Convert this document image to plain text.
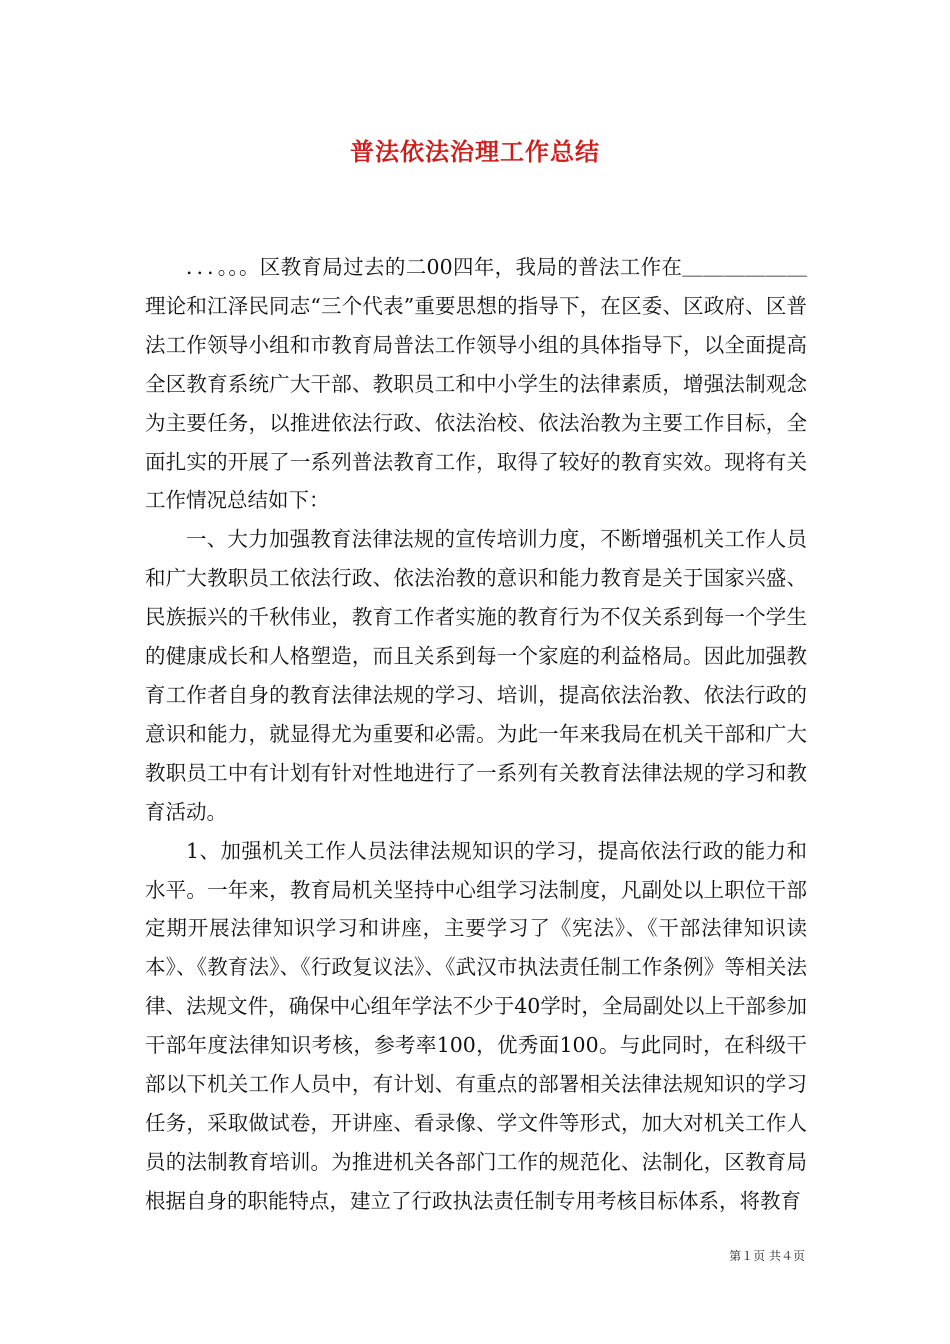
普法依法治理工作总结

．．．。。。区教育局过去的二00四年，我局的普法工作在＿＿＿＿＿＿理论和江泽民同志“三个代表”重要思想的指导下，在区委、区政府、区普法工作领导小组和市教育局普法工作领导小组的具体指导下，以全面提高全区教育系统广大干部、教职员工和中小学生的法律素质，增强法制观念为主要任务，以推进依法行政、依法治校、依法治教为主要工作目标，全面扎实的开展了一系列普法教育工作，取得了较好的教育实效。现将有关工作情况总结如下：

一、大力加强教育法律法规的宣传培训力度，不断增强机关工作人员和广大教职员工依法行政、依法治教的意识和能力教育是关于国家兴盛、民族振兴的千秋伟业，教育工作者实施的教育行为不仅关系到每一个学生的健康成长和人格塑造，而且关系到每一个家庭的利益格局。因此加强教育工作者自身的教育法律法规的学习、培训，提高依法治教、依法行政的意识和能力，就显得尤为重要和必需。为此一年来我局在机关干部和广大教职员工中有计划有针对性地进行了一系列有关教育法律法规的学习和教育活动。

1、加强机关工作人员法律法规知识的学习，提高依法行政的能力和水平。一年来，教育局机关坚持中心组学习法制度，凡副处以上职位干部定期开展法律知识学习和讲座，主要学习了《宪法》、《干部法律知识读本》、《教育法》、《行政复议法》、《武汉市执法责任制工作条例》等相关法律、法规文件，确保中心组年学法不少于40学时，全局副处以上干部参加干部年度法律知识考核，参考率100，优秀面100。与此同时，在科级干部以下机关工作人员中，有计划、有重点的部署相关法律法规知识的学习任务，采取做试卷，开讲座、看录像、学文件等形式，加大对机关工作人员的法制教育培训。为推进机关各部门工作的规范化、法制化，区教育局根据自身的职能特点，建立了行政执法责任制专用考核目标体系，将教育

第１页 共４页
